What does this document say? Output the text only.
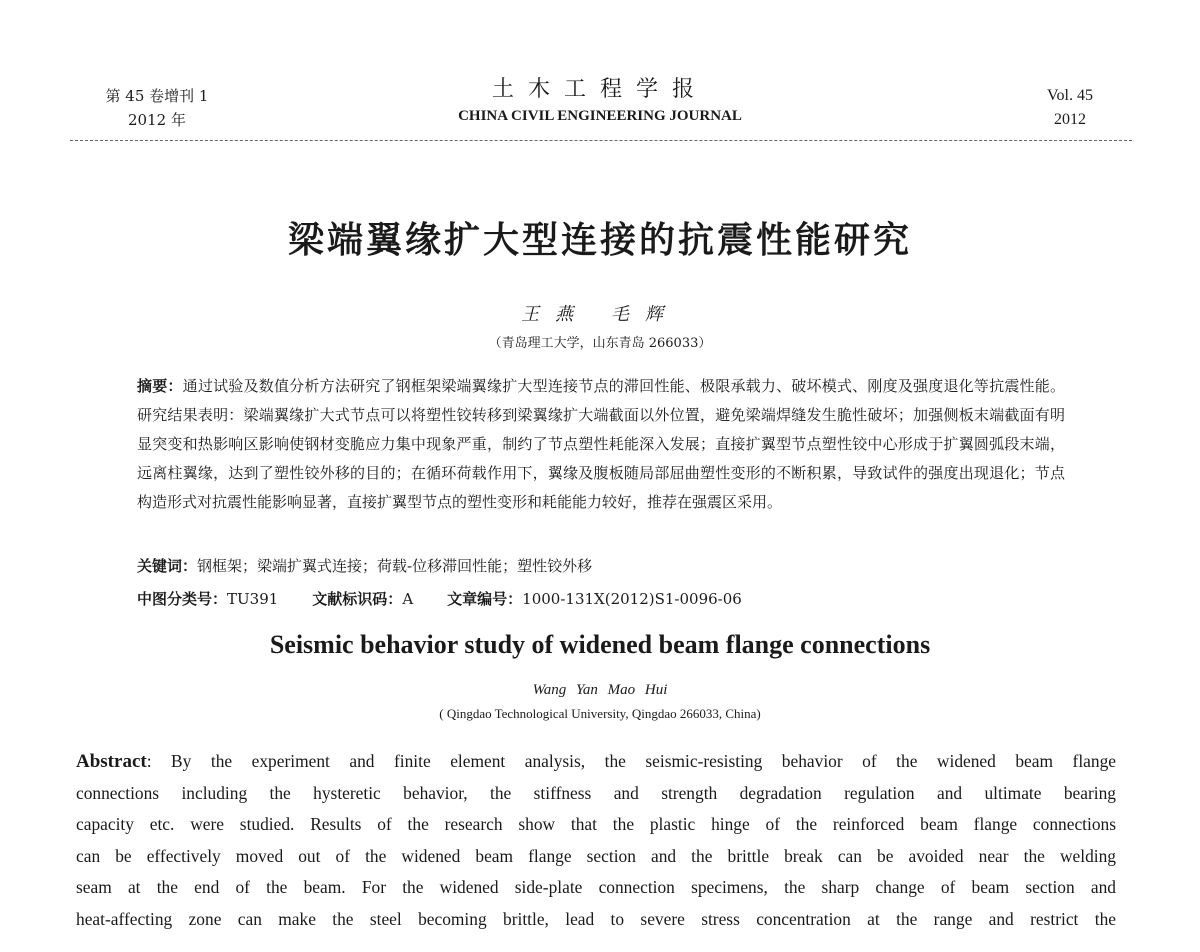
第 45 卷增刊 1
2012 年
土木工程学报
CHINA CIVIL ENGINEERING JOURNAL
Vol. 45
2012
梁端翼缘扩大型连接的抗震性能研究
王燕 毛辉
（青岛理工大学，山东青岛 266033）
摘要：通过试验及数值分析方法研究了钢框架梁端翼缘扩大型连接节点的滞回性能、极限承载力、破坏模式、刚度及强度退化等抗震性能。研究结果表明：梁端翼缘扩大式节点可以将塑性铰转移到梁翼缘扩大端截面以外位置，避免梁端焊缝发生脆性破坏；加强侧板末端截面有明显突变和热影响区影响使钢材变脆应力集中现象严重，制约了节点塑性耗能深入发展；直接扩翼型节点塑性铰中心形成于扩翼圆弧段末端，远离柱翼缘，达到了塑性铰外移的目的；在循环荷载作用下，翼缘及腹板随局部屈曲塑性变形的不断积累，导致试件的强度出现退化；节点构造形式对抗震性能影响显著，直接扩翼型节点的塑性变形和耗能能力较好，推荐在强震区采用。
关键词：钢框架；梁端扩翼式连接；荷载-位移滞回性能；塑性铰外移
中图分类号：TU391 文献标识码：A 文章编号：1000-131X(2012)S1-0096-06
Seismic behavior study of widened beam flange connections
Wang Yan Mao Hui
( Qingdao Technological University, Qingdao 266033, China)
Abstract: By the experiment and finite element analysis, the seismic-resisting behavior of the widened beam flange
connections including the hysteretic behavior, the stiffness and strength degradation regulation and ultimate bearing
capacity etc. were studied. Results of the research show that the plastic hinge of the reinforced beam flange connections
can be effectively moved out of the widened beam flange section and the brittle break can be avoided near the welding
seam at the end of the beam. For the widened side-plate connection specimens, the sharp change of beam section and
heat-affecting zone can make the steel becoming brittle, lead to severe stress concentration at the range and restrict the
